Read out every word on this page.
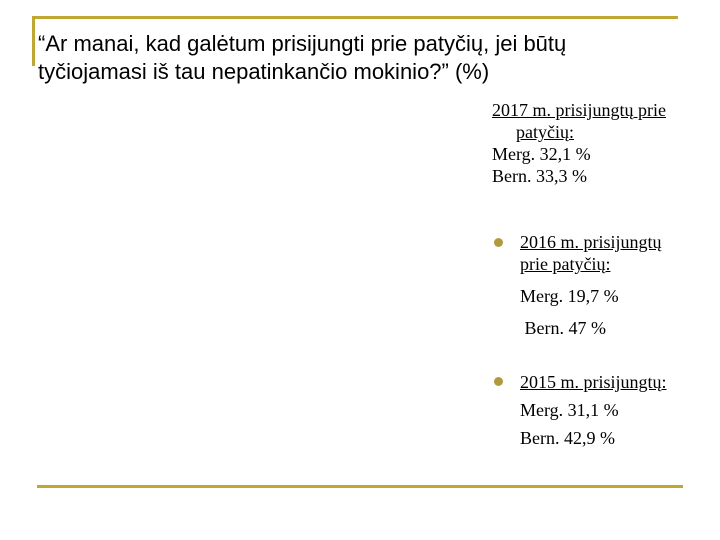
“Ar manai, kad galėtum prisijungti prie patyčių, jei būtų
tyčiojamasi iš tau nepatinkančio mokinio?” (%)
2017 m. prisijungtų prie
patyčių:
Merg. 32,1 %
Bern. 33,3 %
2016 m. prisijungtų
prie patyčių:
Merg. 19,7 %
Bern. 47 %
2015 m. prisijungtų:
Merg. 31,1 %
Bern. 42,9 %
